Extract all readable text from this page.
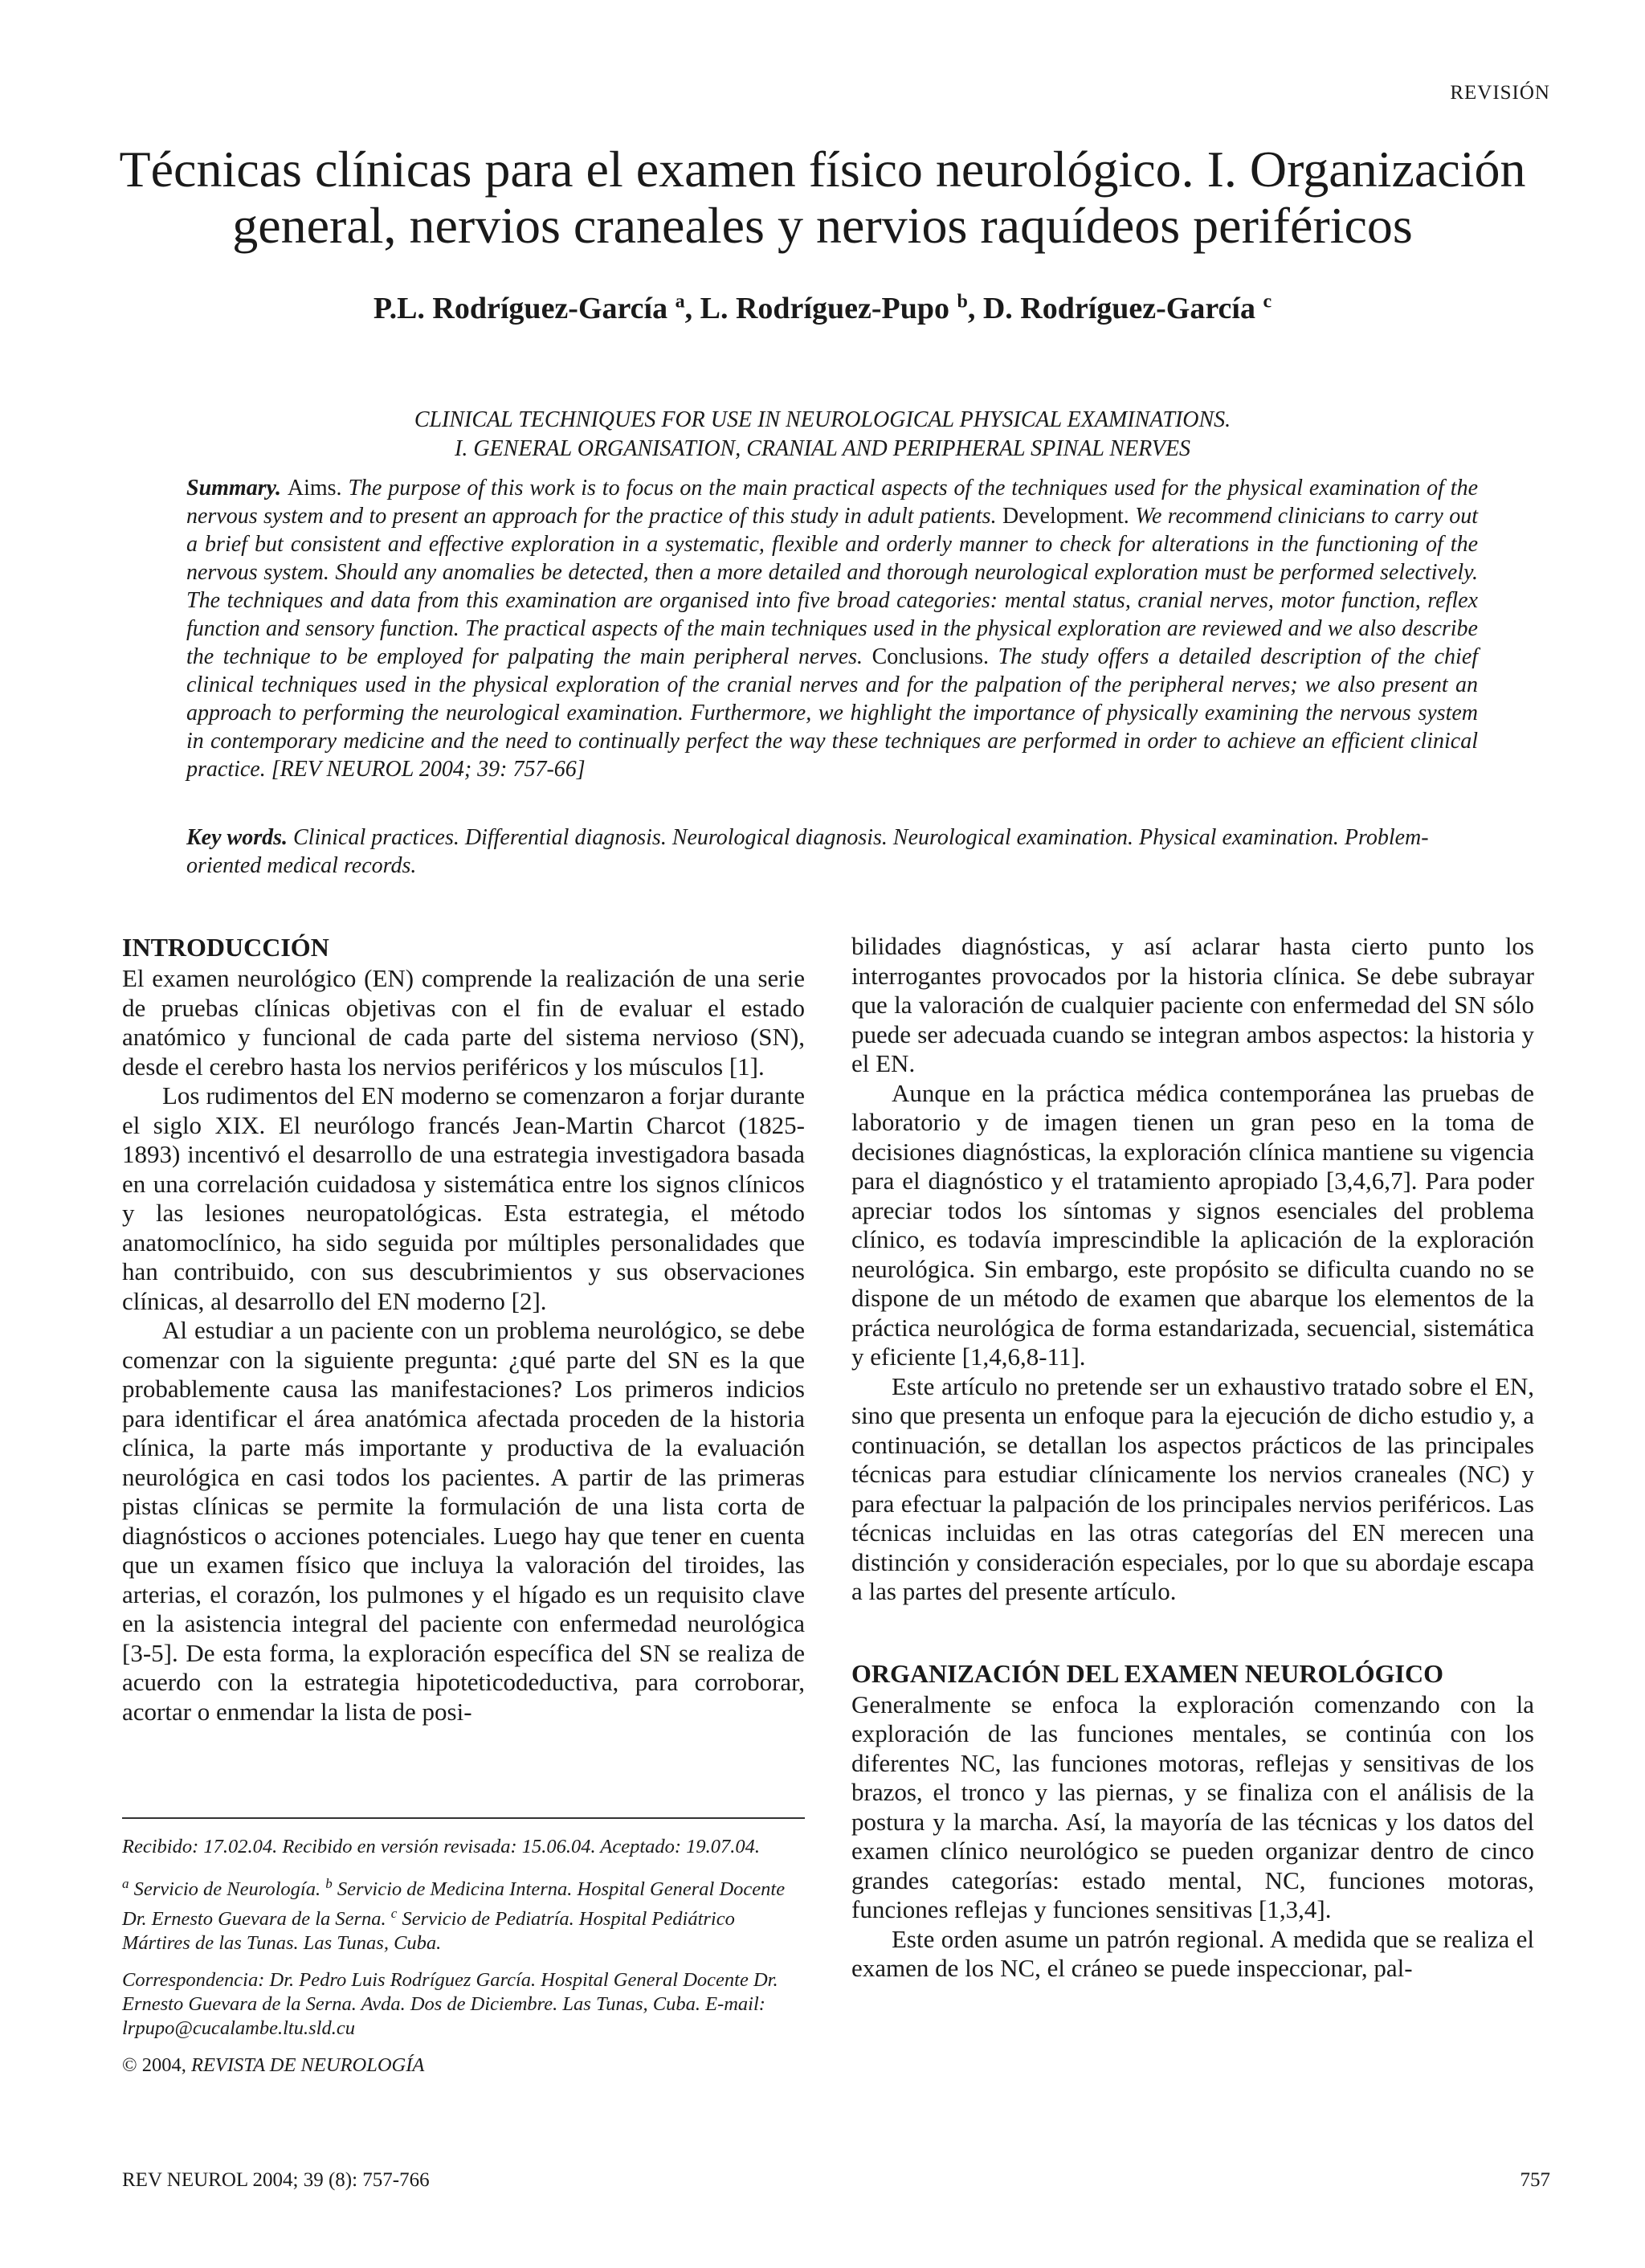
REVISIÓN
Técnicas clínicas para el examen físico neurológico. I. Organización
general, nervios craneales y nervios raquídeos periféricos
P.L. Rodríguez-García $^a$, L. Rodríguez-Pupo $^b$, D. Rodríguez-García $^c$
CLINICAL TECHNIQUES FOR USE IN NEUROLOGICAL PHYSICAL EXAMINATIONS.
I. GENERAL ORGANISATION, CRANIAL AND PERIPHERAL SPINAL NERVES

Summary. Aims. The purpose of this work is to focus on the main practical aspects of the techniques used for the physical examination of the nervous system and to present an approach for the practice of this study in adult patients. Development. We recommend clinicians to carry out a brief but consistent and effective exploration in a systematic, flexible and orderly manner to check for alterations in the functioning of the nervous system. Should any anomalies be detected, then a more detailed and thorough neurological exploration must be performed selectively. The techniques and data from this examination are organised into five broad categories: mental status, cranial nerves, motor function, reflex function and sensory function. The practical aspects of the main techniques used in the physical exploration are reviewed and we also describe the technique to be employed for palpating the main peripheral nerves. Conclusions. The study offers a detailed description of the chief clinical techniques used in the physical exploration of the cranial nerves and for the palpation of the peripheral nerves; we also present an approach to performing the neurological examination. Furthermore, we highlight the importance of physically examining the nervous system in contemporary medicine and the need to continually perfect the way these techniques are performed in order to achieve an efficient clinical practice. [REV NEUROL 2004; 39: 757-66]

Key words. Clinical practices. Differential diagnosis. Neurological diagnosis. Neurological examination. Physical examination. Problem-oriented medical records.

INTRODUCCIÓN

El examen neurológico (EN) comprende la realización de una serie de pruebas clínicas objetivas con el fin de evaluar el estado anatómico y funcional de cada parte del sistema nervioso (SN), desde el cerebro hasta los nervios periféricos y los músculos [1].

Los rudimentos del EN moderno se comenzaron a forjar durante el siglo XIX. El neurólogo francés Jean-Martin Charcot (1825-1893) incentivó el desarrollo de una estrategia investigadora basada en una correlación cuidadosa y sistemática entre los signos clínicos y las lesiones neuropatológicas. Esta estrategia, el método anatomoclínico, ha sido seguida por múltiples personalidades que han contribuido, con sus descubrimientos y sus observaciones clínicas, al desarrollo del EN moderno [2].

Al estudiar a un paciente con un problema neurológico, se debe comenzar con la siguiente pregunta: ¿qué parte del SN es la que probablemente causa las manifestaciones? Los primeros indicios para identificar el área anatómica afectada proceden de la historia clínica, la parte más importante y productiva de la evaluación neurológica en casi todos los pacientes. A partir de las primeras pistas clínicas se permite la formulación de una lista corta de diagnósticos o acciones potenciales. Luego hay que tener en cuenta que un examen físico que incluya la valoración del tiroides, las arterias, el corazón, los pulmones y el hígado es un requisito clave en la asistencia integral del paciente con enfermedad neurológica [3-5]. De esta forma, la exploración específica del SN se realiza de acuerdo con la estrategia hipoteticodeductiva, para corroborar, acortar o enmendar la lista de posi-

bilidades diagnósticas, y así aclarar hasta cierto punto los interrogantes provocados por la historia clínica. Se debe subrayar que la valoración de cualquier paciente con enfermedad del SN sólo puede ser adecuada cuando se integran ambos aspectos: la historia y el EN.

Aunque en la práctica médica contemporánea las pruebas de laboratorio y de imagen tienen un gran peso en la toma de decisiones diagnósticas, la exploración clínica mantiene su vigencia para el diagnóstico y el tratamiento apropiado [3,4,6,7]. Para poder apreciar todos los síntomas y signos esenciales del problema clínico, es todavía imprescindible la aplicación de la exploración neurológica. Sin embargo, este propósito se dificulta cuando no se dispone de un método de examen que abarque los elementos de la práctica neurológica de forma estandarizada, secuencial, sistemática y eficiente [1,4,6,8-11].

Este artículo no pretende ser un exhaustivo tratado sobre el EN, sino que presenta un enfoque para la ejecución de dicho estudio y, a continuación, se detallan los aspectos prácticos de las principales técnicas para estudiar clínicamente los nervios craneales (NC) y para efectuar la palpación de los principales nervios periféricos. Las técnicas incluidas en las otras categorías del EN merecen una distinción y consideración especiales, por lo que su abordaje escapa a las partes del presente artículo.

ORGANIZACIÓN DEL EXAMEN NEUROLÓGICO

Generalmente se enfoca la exploración comenzando con la exploración de las funciones mentales, se continúa con los diferentes NC, las funciones motoras, reflejas y sensitivas de los brazos, el tronco y las piernas, y se finaliza con el análisis de la postura y la marcha. Así, la mayoría de las técnicas y los datos del examen clínico neurológico se pueden organizar dentro de cinco grandes categorías: estado mental, NC, funciones motoras, funciones reflejas y funciones sensitivas [1,3,4].

Este orden asume un patrón regional. A medida que se realiza el examen de los NC, el cráneo se puede inspeccionar, pal-

Recibido: 17.02.04. Recibido en versión revisada: 15.06.04. Aceptado: 19.07.04.

$^a$ Servicio de Neurología. $^b$ Servicio de Medicina Interna. Hospital General Docente Dr. Ernesto Guevara de la Serna. $^c$ Servicio de Pediatría. Hospital Pediátrico Mártires de las Tunas. Las Tunas, Cuba.

Correspondencia: Dr. Pedro Luis Rodríguez García. Hospital General Docente Dr. Ernesto Guevara de la Serna. Avda. Dos de Diciembre. Las Tunas, Cuba. E-mail: lrpupo@cucalambe.ltu.sld.cu

© 2004, REVISTA DE NEUROLOGÍA

REV NEUROL 2004; 39 (8): 757-766	757
